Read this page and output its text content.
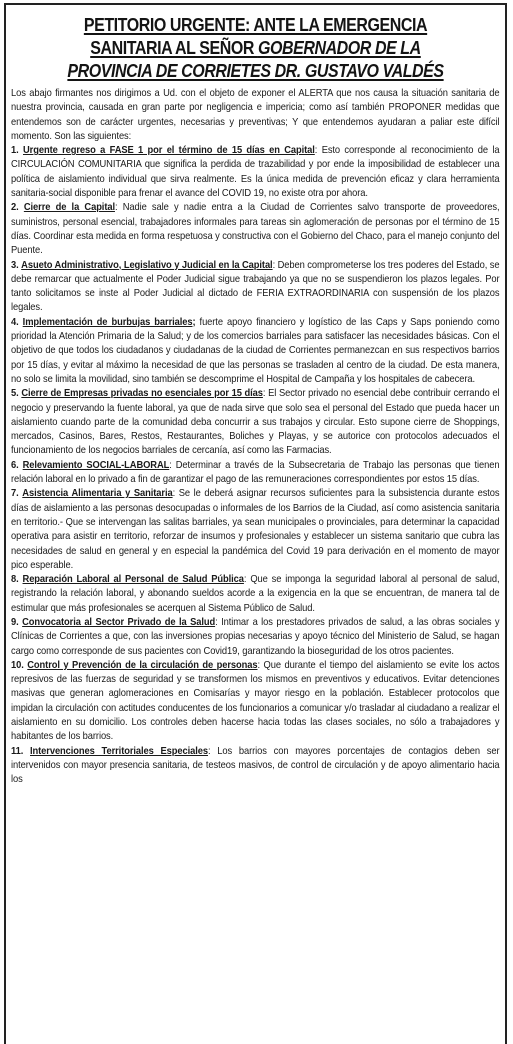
PETITORIO URGENTE: ANTE LA EMERGENCIA
SANITARIA AL SEÑOR GOBERNADOR DE LA
PROVINCIA DE CORRIETES DR. GUSTAVO VALDÉS

Los abajo firmantes nos dirigimos a Ud. con el objeto de exponer el ALERTA que nos causa la situación sanitaria de nuestra provincia, causada en gran parte por negligencia e impericia; como así también PROPONER medidas que entendemos son de carácter urgentes, necesarias y preventivas; Y que entendemos ayudaran a paliar este difícil momento. Son las siguientes:

1. Urgente regreso a FASE 1 por el término de 15 días en Capital: Esto corresponde al reconocimiento de la CIRCULACIÓN COMUNITARIA que significa la perdida de trazabilidad y por ende la imposibilidad de establecer una política de aislamiento individual que sirva realmente. Es la única medida de prevención eficaz y clara herramienta sanitaria-social disponible para frenar el avance del COVID 19, no existe otra por ahora.

2. Cierre de la Capital: Nadie sale y nadie entra a la Ciudad de Corrientes salvo transporte de proveedores, suministros, personal esencial, trabajadores informales para tareas sin aglomeración de personas por el término de 15 días. Coordinar esta medida en forma respetuosa y constructiva con el Gobierno del Chaco, para el manejo conjunto del Puente.

3. Asueto Administrativo, Legislativo y Judicial en la Capital: Deben comprometerse los tres poderes del Estado, se debe remarcar que actualmente el Poder Judicial sigue trabajando ya que no se suspendieron los plazos legales. Por tanto solicitamos se inste al Poder Judicial al dictado de FERIA EXTRAORDINARIA con suspensión de los plazos legales.

4. Implementación de burbujas barriales; fuerte apoyo financiero y logístico de las Caps y Saps poniendo como prioridad la Atención Primaria de la Salud; y de los comercios barriales para satisfacer las necesidades básicas. Con el objetivo de que todos los ciudadanos y ciudadanas de la ciudad de Corrientes permanezcan en sus respectivos barrios por 15 días, y evitar al máximo la necesidad de que las personas se trasladen al centro de la ciudad. De esta manera, no solo se limita la movilidad, sino también se descomprime el Hospital de Campaña y los hospitales de cabecera.

5. Cierre de Empresas privadas no esenciales por 15 días: El Sector privado no esencial debe contribuir cerrando el negocio y preservando la fuente laboral, ya que de nada sirve que solo sea el personal del Estado que pueda hacer un aislamiento cuando parte de la comunidad deba concurrir a sus trabajos y circular. Esto supone cierre de Shoppings, mercados, Casinos, Bares, Restos, Restaurantes, Boliches y Playas, y se autorice con protocolos adecuados el funcionamiento de los negocios barriales de cercanía, así como las Farmacias.

6. Relevamiento SOCIAL-LABORAL: Determinar a través de la Subsecretaria de Trabajo las personas que tienen relación laboral en lo privado a fin de garantizar el pago de las remuneraciones correspondientes por estos 15 días.

7. Asistencia Alimentaria y Sanitaria: Se le deberá asignar recursos suficientes para la subsistencia durante estos días de aislamiento a las personas desocupadas o informales de los Barrios de la Ciudad, así como asistencia sanitaria en territorio.- Que se intervengan las salitas barriales, ya sean municipales o provinciales, para determinar la capacidad operativa para asistir en territorio, reforzar de insumos y profesionales y establecer un sistema sanitario que cubra las necesidades de salud en general y en especial la pandémica del Covid 19 para derivación en el momento de mayor pico esperable.

8. Reparación Laboral al Personal de Salud Pública: Que se imponga la seguridad laboral al personal de salud, registrando la relación laboral, y abonando sueldos acorde a la exigencia en la que se encuentran, de manera tal de estimular que más profesionales se acerquen al Sistema Público de Salud.

9. Convocatoria al Sector Privado de la Salud: Intimar a los prestadores privados de salud, a las obras sociales y Clínicas de Corrientes a que, con las inversiones propias necesarias y apoyo técnico del Ministerio de Salud, se hagan cargo como corresponde de sus pacientes con Covid19, garantizando la bioseguridad de los otros pacientes.

10. Control y Prevención de la circulación de personas: Que durante el tiempo del aislamiento se evite los actos represivos de las fuerzas de seguridad y se transformen los mismos en preventivos y educativos. Evitar detenciones masivas que generan aglomeraciones en Comisarías y mayor riesgo en la población. Establecer protocolos que impidan la circulación con actitudes conducentes de los funcionarios a comunicar y/o trasladar al ciudadano a realizar el aislamiento en su domicilio. Los controles deben hacerse hacia todas las clases sociales, no sólo a trabajadores y habitantes de los barrios.

11. Intervenciones Territoriales Especiales: Los barrios con mayores porcentajes de contagios deben ser intervenidos con mayor presencia sanitaria, de testeos masivos, de control de circulación y de apoyo alimentario hacia los
